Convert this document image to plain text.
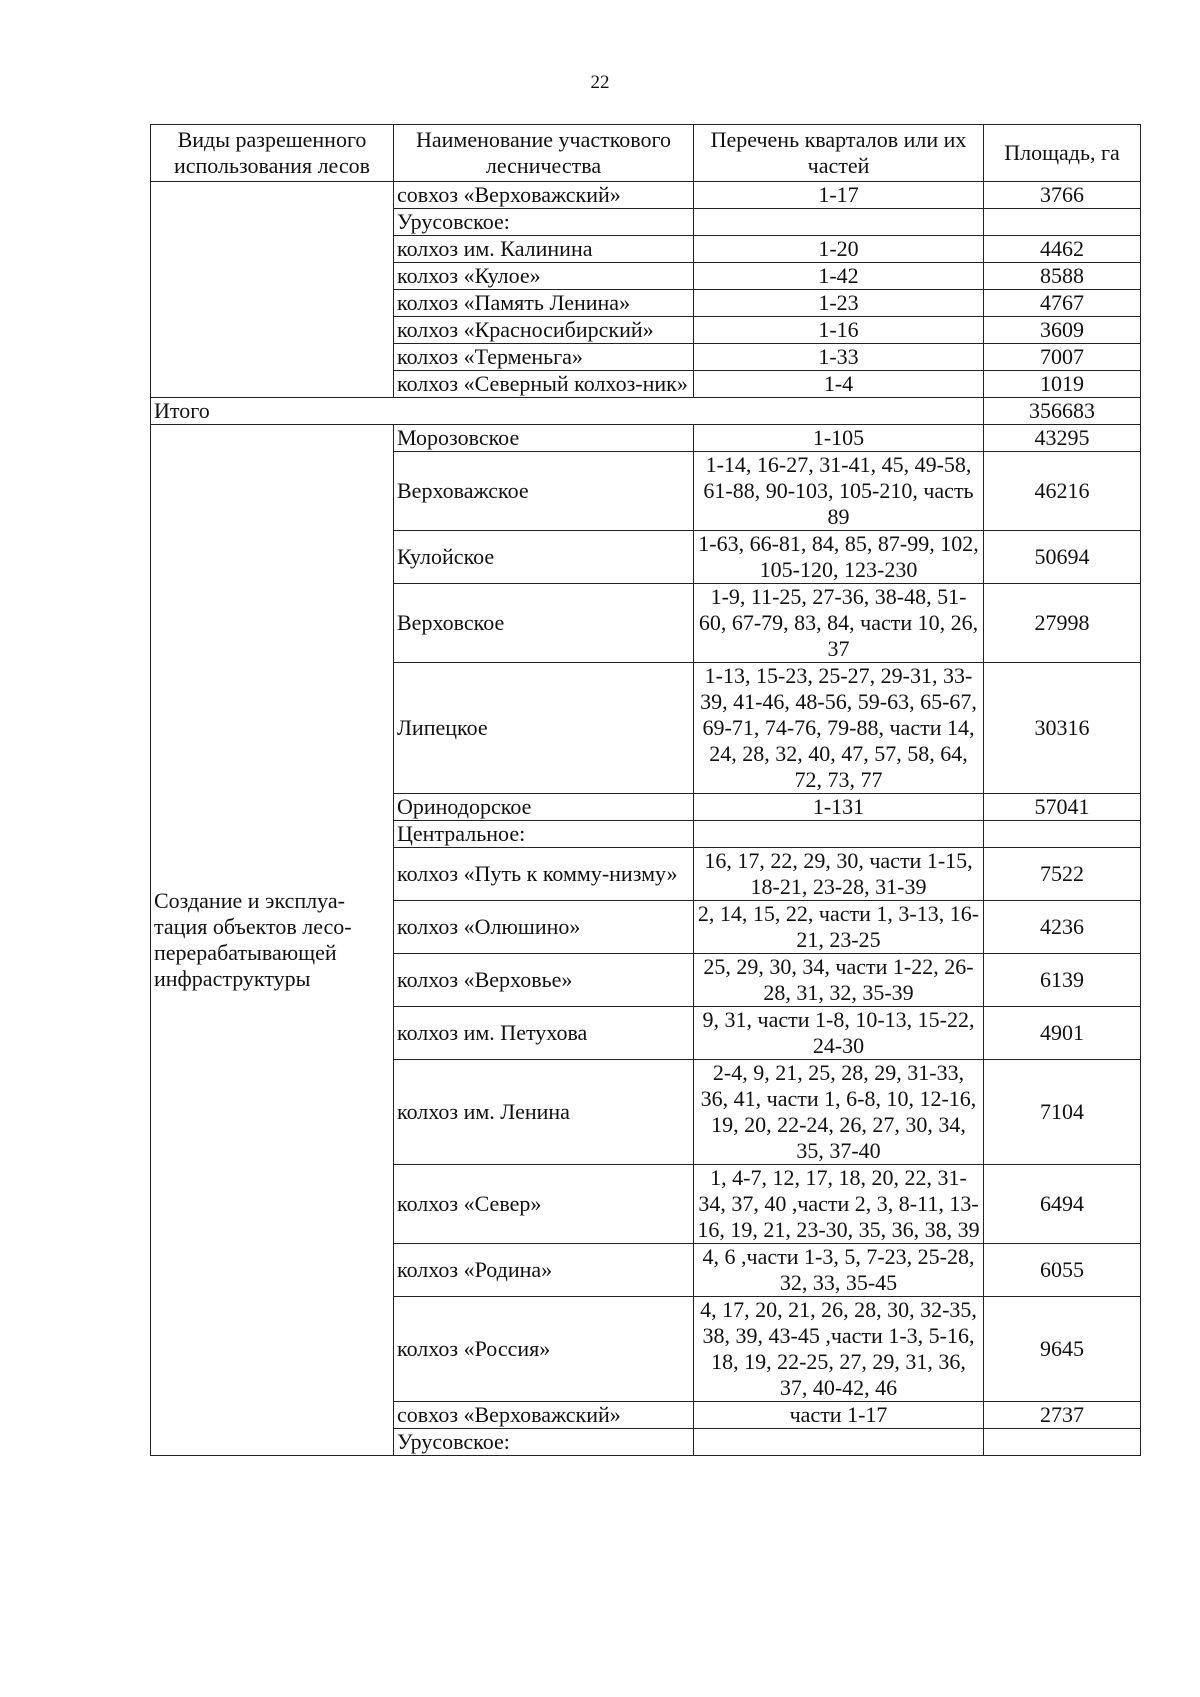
22
Виды разрешенного использования лесов	Наименование участкового лесничества	Перечень кварталов или их частей	Площадь, га
	совхоз «Верховажский»	1-17	3766
	Урусовское:		
	колхоз им. Калинина	1-20	4462
	колхоз «Кулое»	1-42	8588
	колхоз «Память Ленина»	1-23	4767
	колхоз «Красносибирский»	1-16	3609
	колхоз «Терменьга»	1-33	7007
	колхоз «Северный колхоз-ник»	1-4	1019
Итого			356683
Создание и эксплуа-тация объектов лесо-перерабатывающей инфраструктуры	Морозовское	1-105	43295
	Верховажское	1-14, 16-27, 31-41, 45, 49-58, 61-88, 90-103, 105-210, часть 89	46216
	Кулойское	1-63, 66-81, 84, 85, 87-99, 102, 105-120, 123-230	50694
	Верховское	1-9, 11-25, 27-36, 38-48, 51-60, 67-79, 83, 84, части 10, 26, 37	27998
	Липецкое	1-13, 15-23, 25-27, 29-31, 33-39, 41-46, 48-56, 59-63, 65-67, 69-71, 74-76, 79-88, части 14, 24, 28, 32, 40, 47, 57, 58, 64, 72, 73, 77	30316
	Оринодорское	1-131	57041
	Центральное:		
	колхоз «Путь к комму-низму»	16, 17, 22, 29, 30, части 1-15, 18-21, 23-28, 31-39	7522
	колхоз «Олюшино»	2, 14, 15, 22, части 1, 3-13, 16-21, 23-25	4236
	колхоз «Верховье»	25, 29, 30, 34, части 1-22, 26-28, 31, 32, 35-39	6139
	колхоз им. Петухова	9, 31, части 1-8, 10-13, 15-22, 24-30	4901
	колхоз им. Ленина	2-4, 9, 21, 25, 28, 29, 31-33, 36, 41, части 1, 6-8, 10, 12-16, 19, 20, 22-24, 26, 27, 30, 34, 35, 37-40	7104
	колхоз «Север»	1, 4-7, 12, 17, 18, 20, 22, 31-34, 37, 40 ,части 2, 3, 8-11, 13-16, 19, 21, 23-30, 35, 36, 38, 39	6494
	колхоз «Родина»	4, 6 ,части 1-3, 5, 7-23, 25-28, 32, 33, 35-45	6055
	колхоз «Россия»	4, 17, 20, 21, 26, 28, 30, 32-35, 38, 39, 43-45 ,части 1-3, 5-16, 18, 19, 22-25, 27, 29, 31, 36, 37, 40-42, 46	9645
	совхоз «Верховажский»	части 1-17	2737
	Урусовское:		
